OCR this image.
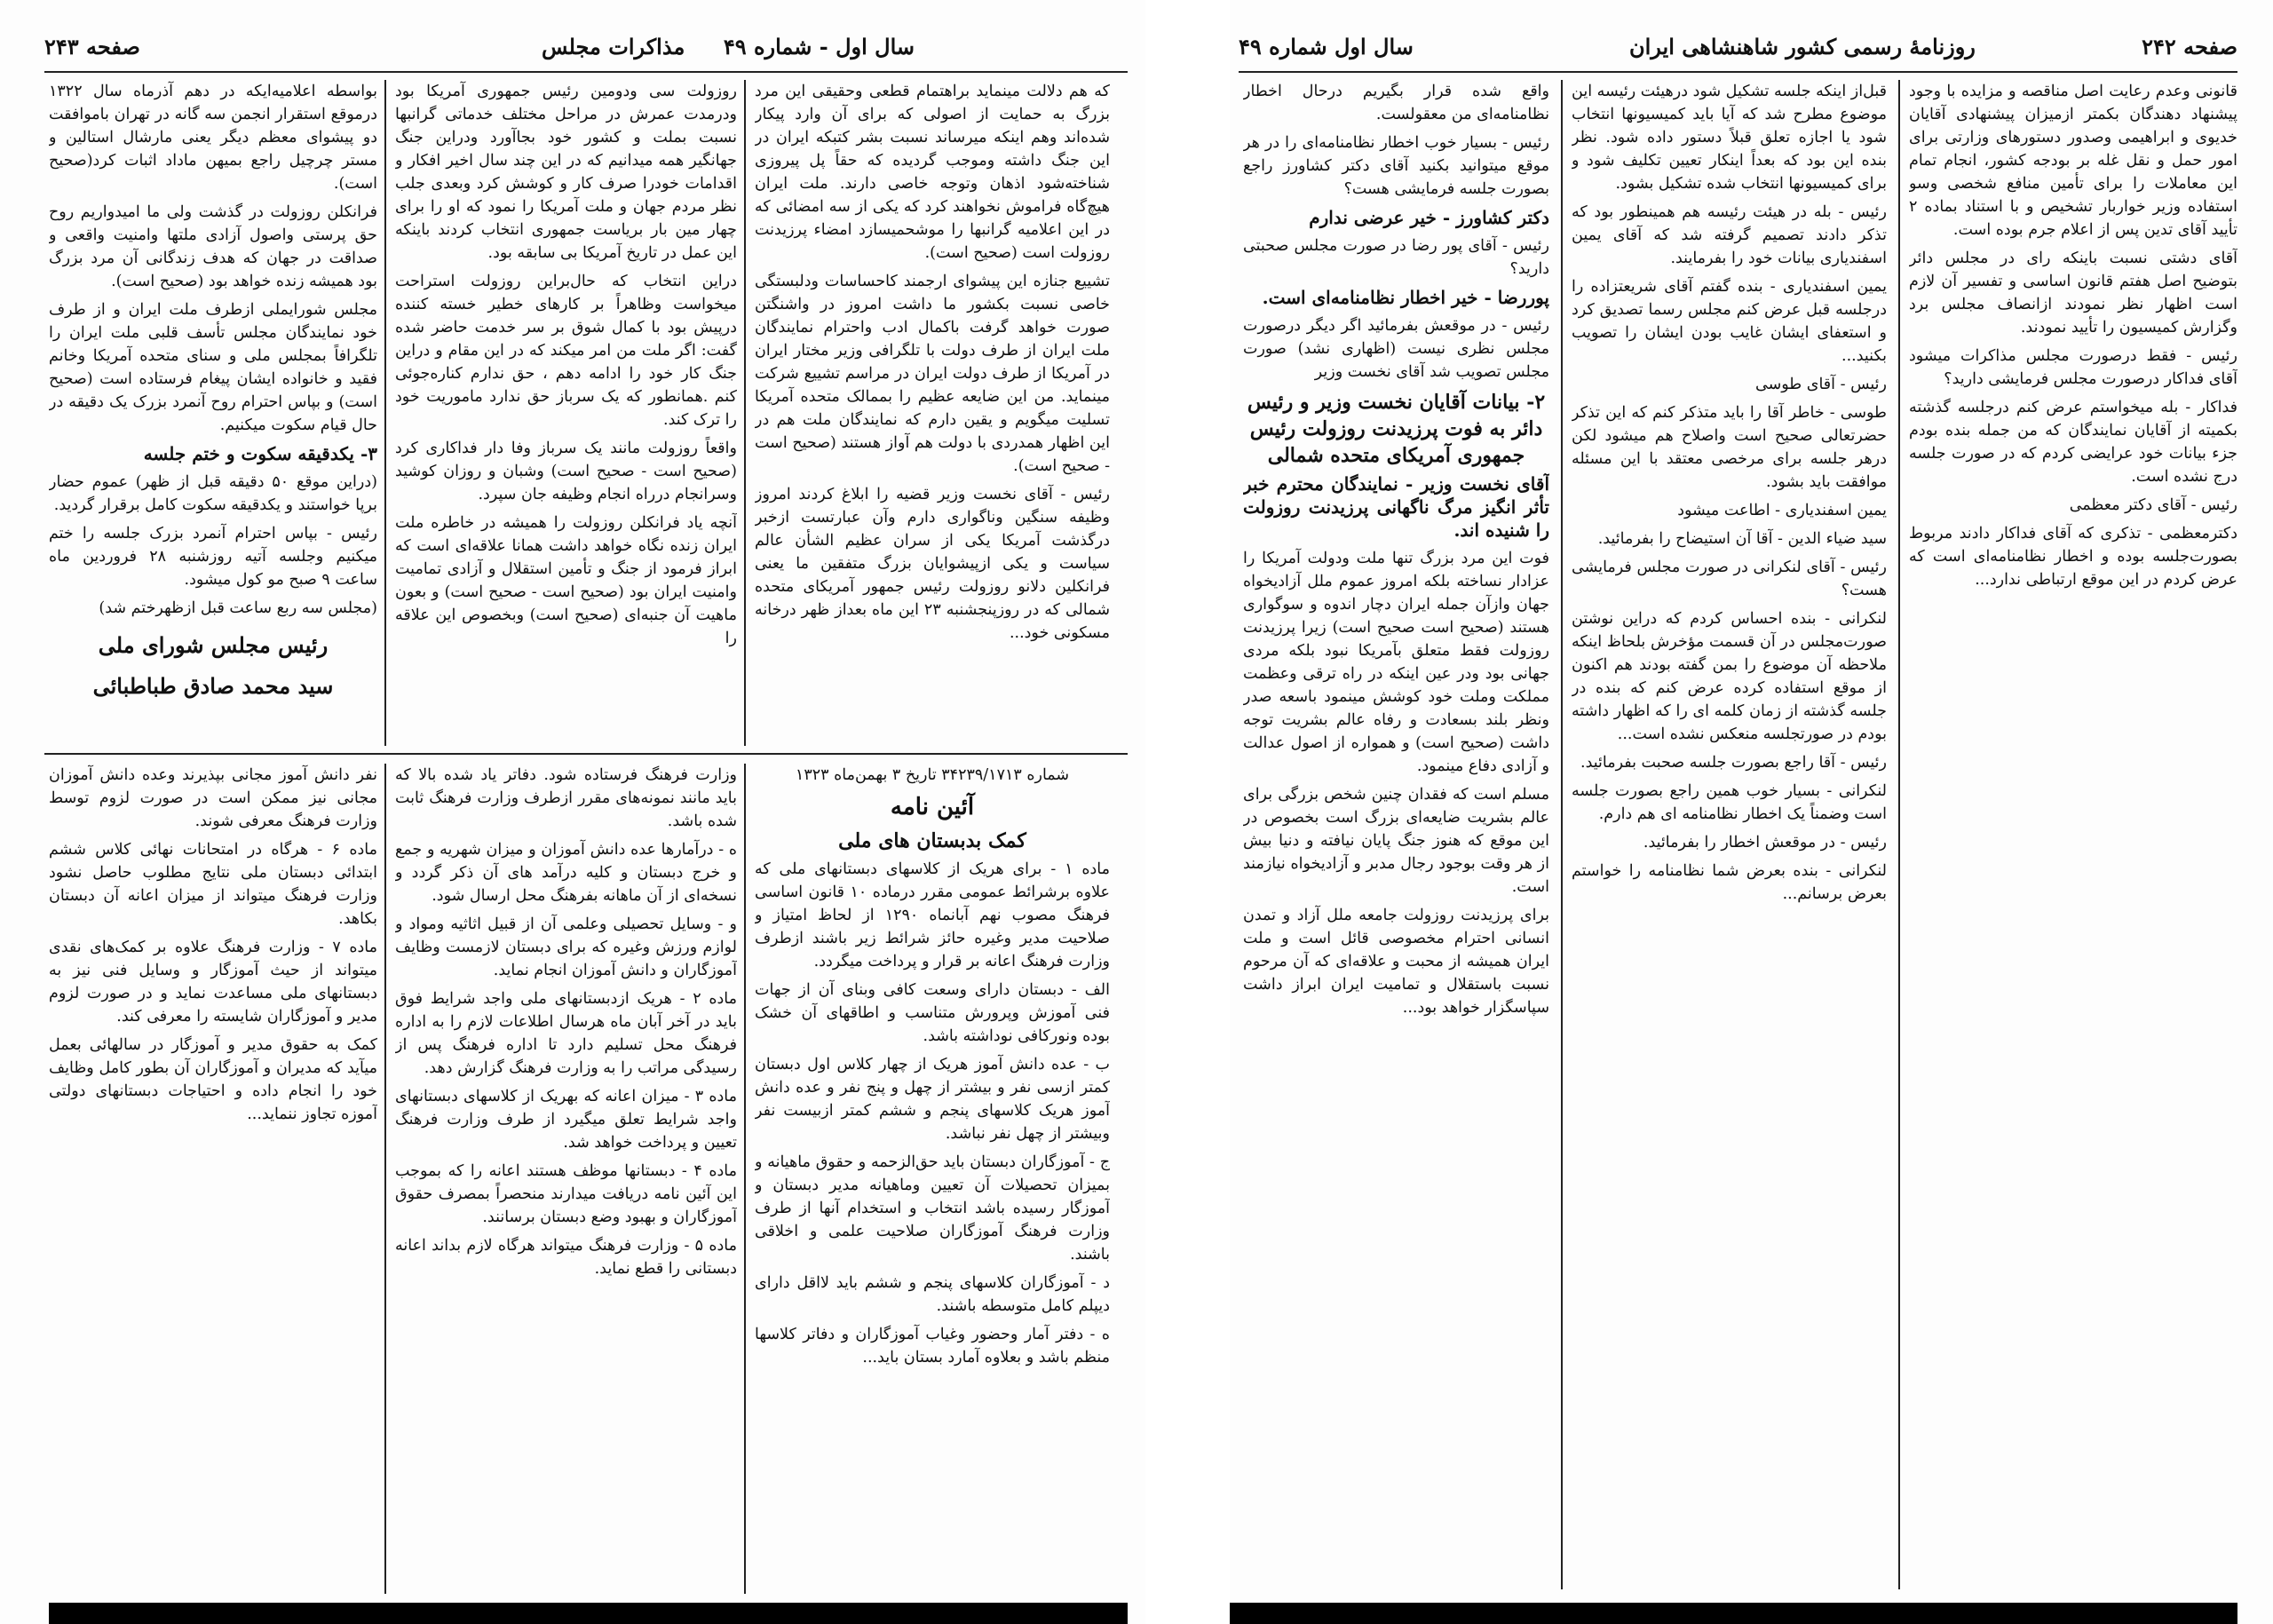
صفحه ۲۴۳	مذاکرات مجلس سال اول - شماره ۴۹

که هم دلالت مینماید براهتمام قطعی وحقیقی این مرد بزرگ به حمایت از اصولی که برای آن وارد پیکار شده‌اند وهم اینکه میرساند نسبت بشر کتبکه ایران در این جنگ داشته وموجب گردیده که حقاً پل پیروزی شناخته‌شود اذهان وتوجه خاصی دارند. ملت ایران هیچ‌گاه فراموش نخواهند کرد که یکی از سه امضائی که در این اعلامیه گرانبها را موشحمیسازد امضاء پرزیدنت روزولت است (صحیح است).

تشییع جنازه این پیشوای ارجمند کاحساسات ودلبستگی خاصی نسبت بکشور ما داشت امروز در واشنگتن صورت خواهد گرفت باکمال ادب واحترام نمایندگان ملت ایران از طرف دولت با تلگرافی وزیر مختار ایران در آمریکا از طرف دولت ایران در مراسم تشییع شرکت مینماید. من این ضایعه عظیم را بممالک متحده آمریکا تسلیت میگویم و یقین دارم که نمایندگان ملت هم در این اظهار همدردی با دولت هم آواز هستند (صحیح است - صحیح است).

رئیس - آقای نخست وزیر قضیه را ابلاغ کردند امروز وظیفه سنگین وناگواری دارم وآن عبارتست ازخبر درگذشت آمریکا یکی از سران عظیم الشأن عالم سیاست و یکی ازپیشوایان بزرگ متفقین ما یعنی فرانکلین دلانو روزولت رئیس جمهور آمریکای متحده شمالی که در روزپنجشنبه ۲۳ این ماه بعداز ظهر درخانه مسکونی خود...

روزولت سی ودومین رئیس جمهوری آمریکا بود ودرمدت عمرش در مراحل مختلف خدماتی گرانبها نسبت بملت و کشور خود بجاآورد ودراین جنگ جهانگیر همه میدانیم که در این چند سال اخیر افکار و اقدامات خودرا صرف کار و کوشش کرد وبعدی جلب نظر مردم جهان و ملت آمریکا را نمود که او را برای چهار مین بار بریاست جمهوری انتخاب کردند باینکه این عمل در تاریخ آمریکا بی سابقه بود.

دراین انتخاب که حال‌براین روزولت استراحت میخواست وظاهراً بر کارهای خطیر خسته کننده درپیش بود با کمال شوق بر سر خدمت حاضر شده گفت: اگر ملت من امر میکند که در این مقام و دراین جنگ کار خود را ادامه دهم ، حق ندارم کناره‌جوئی کنم .همانطور که یک سرباز حق ندارد ماموریت خود را ترک کند.

واقعاً روزولت مانند یک سرباز وفا دار فداکاری کرد (صحیح است - صحیح است) وشبان و روزان کوشید وسرانجام درراه انجام وظیفه جان سپرد.

آنچه یاد فرانکلن روزولت را همیشه در خاطره ملت ایران زنده نگاه خواهد داشت همانا علاقه‌ای است که ابراز فرمود از جنگ و تأمین استقلال و آزادی تمامیت وامنیت ایران بود (صحیح است - صحیح است) و بعون ماهیت آن جنبه‌ای (صحیح است) وبخصوص این علاقه را

بواسطه اعلامیه‌ایکه در دهم آذرماه سال ۱۳۲۲ درموقع استقرار انجمن سه گانه در تهران باموافقت دو پیشوای معظم دیگر یعنی مارشال استالین و مستر چرچیل راجع بمیهن ماداد اثبات کرد(صحیح است).

فرانکلن روزولت در گذشت ولی ما امیدواریم روح حق پرستی واصول آزادی ملتها وامنیت واقعی و صداقت در جهان که هدف زندگانی آن مرد بزرگ بود همیشه زنده خواهد بود (صحیح است).

مجلس شورایملی ازطرف ملت ایران و از طرف خود نمایندگان مجلس تأسف قلبی ملت ایران را تلگرافاً بمجلس ملی و سنای متحده آمریکا وخانم فقید و خانواده ایشان پیغام فرستاده است (صحیح است) و بپاس احترام روح آنمرد بزرک یک دقیقه در حال قیام سکوت میکنیم.

۳- یکدقیقه سکوت و ختم جلسه

(دراین موقع ۵۰ دقیقه قبل از ظهر) عموم حضار برپا خواستند و یکدقیقه سکوت کامل برقرار گردید.

رئیس - بپاس احترام آنمرد بزرک جلسه را ختم میکنیم وجلسه آتیه روزشنبه ۲۸ فروردین ماه ساعت ۹ صبح مو کول میشود.

(مجلس سه ربع ساعت قبل ازظهرختم شد)

رئیس مجلس شورای ملی
سید محمد صادق طباطبائی

شماره ۳۴۲۳۹/۱۷۱۳ تاریخ ۳ بهمن‌ماه ۱۳۲۳

آئین نامه
کمک بدبستان های ملی

ماده ۱ - برای هریک از کلاسهای دبستانهای ملی که علاوه برشرائط عمومی مقرر درماده ۱۰ قانون اساسی فرهنگ مصوب نهم آبانماه ۱۲۹۰ از لحاظ امتیاز و صلاحیت مدیر وغیره حائز شرائط زیر باشند ازطرف وزارت فرهنگ اعانه بر قرار و پرداخت میگردد.

الف - دبستان دارای وسعت کافی وبنای آن از جهات فنی آموزش وپرورش متناسب و اطاقهای آن خشک بوده ونورکافی نوداشته باشد.

ب - عده دانش آموز هریک از چهار کلاس اول دبستان کمتر ازسی نفر و بیشتر از چهل و پنج نفر و عده دانش آموز هریک کلاسهای پنجم و ششم کمتر ازبیست نفر وبیشتر از چهل نفر نباشد.

ج - آموزگاران دبستان باید حق‌الزحمه و حقوق ماهیانه و بمیزان تحصیلات آن تعیین وماهیانه مدیر دبستان و آموزگار رسیده باشد انتخاب و استخدام آنها از طرف وزارت فرهنگ آموزگاران صلاحیت علمی و اخلاقی باشند.

د - آموزگاران کلاسهای پنجم و ششم باید لااقل دارای دیپلم کامل متوسطه باشند.

ه - دفتر آمار وحضور وغیاب آموزگاران و دفاتر کلاسها منظم باشد و بعلاوه آمارد بستان باید...

وزارت فرهنگ فرستاده شود. دفاتر یاد شده بالا که باید مانند نمونه‌های مقرر ازطرف وزارت فرهنگ ثابت شده باشد.

ه - درآمارها عده دانش آموزان و میزان شهریه و جمع و خرج دبستان و کلیه درآمد های آن ذکر گردد و نسخه‌ای از آن ماهانه بفرهنگ محل ارسال شود.

و - وسایل تحصیلی وعلمی آن از قبیل اثاثیه ومواد و لوازم ورزش وغیره که برای دبستان لازمست وظایف آموزگاران و دانش آموزان انجام نماید.

ماده ۲ - هریک ازدبستانهای ملی واجد شرایط فوق باید در آخر آبان ماه هرسال اطلاعات لازم را به اداره فرهنگ محل تسلیم دارد تا اداره فرهنگ پس از رسیدگی مراتب را به وزارت فرهنگ گزارش دهد.

ماده ۳ - میزان اعانه که بهریک از کلاسهای دبستانهای واجد شرایط تعلق میگیرد از طرف وزارت فرهنگ تعیین و پرداخت خواهد شد.

ماده ۴ - دبستانها موظف هستند اعانه را که بموجب این آئین نامه دریافت میدارند منحصراً بمصرف حقوق آموزگاران و بهبود وضع دبستان برسانند.

ماده ۵ - وزارت فرهنگ میتواند هرگاه لازم بداند اعانه دبستانی را قطع نماید.

نفر دانش آموز مجانی بپذیرند وعده دانش آموزان مجانی نیز ممکن است در صورت لزوم توسط وزارت فرهنگ معرفی شوند.

ماده ۶ - هرگاه در امتحانات نهائی کلاس ششم ابتدائی دبستان ملی نتایج مطلوب حاصل نشود وزارت فرهنگ میتواند از میزان اعانه آن دبستان بکاهد.

ماده ۷ - وزارت فرهنگ علاوه بر کمک‌های نقدی میتواند از حیث آموزگار و وسایل فنی نیز به دبستانهای ملی مساعدت نماید و در صورت لزوم مدیر و آموزگاران شایسته را معرفی کند.

کمک به حقوق مدیر و آموزگار در سالهائی بعمل میآید که مدیران و آموزگاران آن بطور کامل وظایف خود را انجام داده و احتیاجات دبستانهای دولتی آموزه تجاوز ننماید...

سال اول شماره ۴۹	روزنامهٔ رسمی کشور شاهنشاهی ایران	صفحه ۲۴۲

قانونی وعدم رعایت اصل مناقصه و مزایده با وجود پیشنهاد دهندگان بکمتر ازمیزان پیشنهادی آقایان خدیوی و ابراهیمی وصدور دستورهای وزارتی برای امور حمل و نقل غله بر بودجه کشور، انجام تمام این معاملات را برای تأمین منافع شخصی وسو استفاده وزیر خواربار تشخیص و با استناد بماده ۲ تأیید آقای تدین پس از اعلام جرم بوده است.

آقای دشتی نسبت باینکه رای در مجلس دائر بتوضیح اصل هفتم قانون اساسی و تفسیر آن لازم است اظهار نظر نمودند ازانصاف مجلس برد وگزارش کمیسیون را تأیید نمودند.

رئیس - فقط درصورت مجلس مذاکرات میشود آقای فداکار درصورت مجلس فرمایشی دارید؟

فداکار - بله میخواستم عرض کنم درجلسه گذشته بکمیته از آقایان نمایندگان که من جمله بنده بودم جزء بیانات خود عرایضی کردم که در صورت جلسه درج نشده است.

رئیس - آقای دکتر معظمی

دکترمعظمی - تذکری که آقای فداکار دادند مربوط بصورت‌جلسه بوده و اخطار نظامنامه‌ای است که عرض کردم در این موقع ارتباطی ندارد...

قبل‌از اینکه جلسه تشکیل شود درهیئت رئیسه این موضوع مطرح شد که آیا باید کمیسیونها انتخاب شود یا اجازه تعلق قبلاً دستور داده شود. نظر بنده این بود که بعداً اینکار تعیین تکلیف شود و برای کمیسیونها انتخاب شده تشکیل بشود.

رئیس - بله در هیئت رئیسه هم همینطور بود که تذکر دادند تصمیم گرفته شد که آقای یمین اسفندیاری بیانات خود را بفرمایند.

یمین اسفندیاری - بنده گفتم آقای شریعتزاده را درجلسه قبل عرض کنم مجلس رسما تصدیق کرد و استعفای ایشان غایب بودن ایشان را تصویب بکنید...

رئیس - آقای طوسی

طوسی - خاطر آقا را باید متذکر کنم که این تذکر حضرتعالی صحیح است واصلاح هم میشود لکن درهر جلسه برای مرخصی معتقد با این مسئله موافقت باید بشود.

یمین اسفندیاری - اطاعت میشود

سید ضیاء الدین - آقا آن استیضاح را بفرمائید.

رئیس - آقای لنکرانی در صورت مجلس فرمایشی هست؟

لنکرانی - بنده احساس کردم که دراین نوشتن صورت‌مجلس در آن قسمت مؤخرش بلحاظ اینکه ملاحظه آن موضوع را بمن گفته بودند هم اکنون از موقع استفاده کرده عرض کنم که بنده در جلسه گذشته از زمان کلمه ای را که اظهار داشته بودم در صورتجلسه منعکس نشده است...

رئیس - آقا راجع بصورت جلسه صحبت بفرمائید.

لنکرانی - بسیار خوب همین راجع بصورت جلسه است وضمناً یک اخطار نظامنامه ای هم دارم.

رئیس - در موقعش اخطار را بفرمائید.

لنکرانی - بنده بعرض شما نظامنامه را خواستم بعرض برسانم...

واقع شده قرار بگیریم درحال اخطار نظامنامه‌ای من معقولست.

رئیس - بسیار خوب اخطار نظامنامه‌ای را در هر موقع میتوانید بکنید آقای دکتر کشاورز راجع بصورت جلسه فرمایشی هست؟

دکتر کشاورز - خیر عرضی ندارم

رئیس - آقای پور رضا در صورت مجلس صحبتی دارید؟

پوررضا - خیر اخطار نظامنامه‌ای است.

رئیس - در موقعش بفرمائید اگر دیگر درصورت مجلس نظری نیست (اظهاری نشد) صورت مجلس تصویب شد آقای نخست وزیر

۲- بیانات آقایان نخست وزیر و رئیس دائر به فوت پرزیدنت روزولت رئیس جمهوری آمریکای متحده شمالی

آقای نخست وزیر - نمایندگان محترم خبر تأثر انگیز مرگ ناگهانی پرزیدنت روزولت را شنیده اند.

فوت این مرد بزرگ تنها ملت ودولت آمریکا را عزادار نساخته بلکه امروز عموم ملل آزادیخواه جهان وازآن جمله ایران دچار اندوه و سوگواری هستند (صحیح است صحیح است) زیرا پرزیدنت روزولت فقط متعلق بآمریکا نبود بلکه مردی جهانی بود ودر عین اینکه در راه ترقی وعظمت مملکت وملت خود کوشش مینمود باسعه صدر ونظر بلند بسعادت و رفاه عالم بشریت توجه داشت (صحیح است) و همواره از اصول عدالت و آزادی دفاع مینمود.

مسلم است که فقدان چنین شخص بزرگی برای عالم بشریت ضایعه‌ای بزرگ است بخصوص در این موقع که هنوز جنگ پایان نیافته و دنیا بیش از هر وقت بوجود رجال مدبر و آزادیخواه نیازمند است.

برای پرزیدنت روزولت جامعه ملل آزاد و تمدن انسانی احترام مخصوصی قائل است و ملت ایران همیشه از محبت و علاقه‌ای که آن مرحوم نسبت باستقلال و تمامیت ایران ابراز داشت سپاسگزار خواهد بود...
